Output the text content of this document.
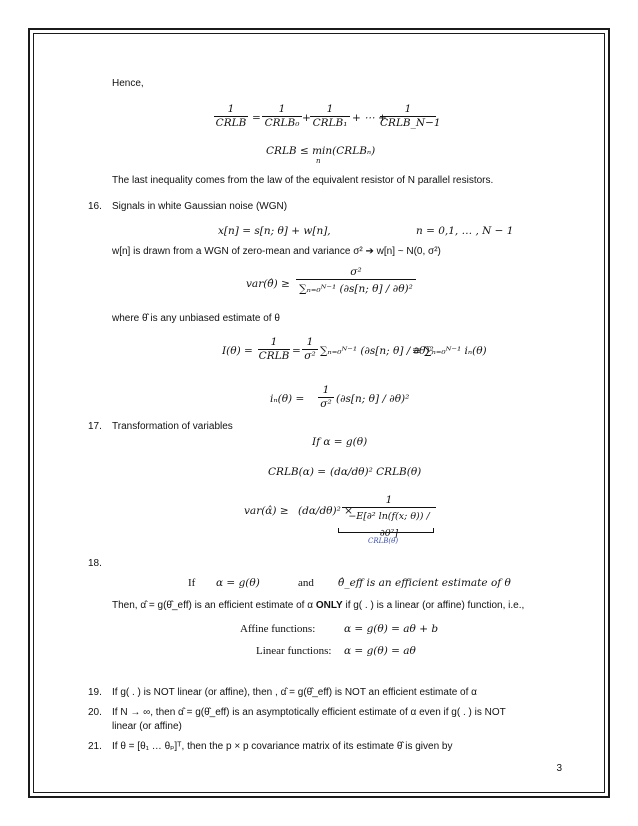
Hence,
1
CRLB =
1
CRLB₀ +
1
CRLB₁ + ⋯ +
1
CRLB_N−1
CRLB ≤ min(CRLBₙ)
n
The last inequality comes from the law of the equivalent resistor of N parallel resistors.
16. Signals in white Gaussian noise (WGN)
x[n] = s[n; θ] + w[n],	n = 0,1, … , N − 1
w[n] is drawn from a WGN of zero-mean and variance σ² ➔ w[n] ~ N(0, σ²)
var(θ̂) ≥
σ²
∑ₙ₌₀ᴺ⁻¹ (∂s[n; θ] / ∂θ)²
where θ̂ is any unbiased estimate of θ
I(θ) =
1
CRLB =
1
σ² ∑ₙ₌₀ᴺ⁻¹ (∂s[n; θ] / ∂θ)²
≡ ∑ₙ₌₀ᴺ⁻¹ iₙ(θ)
iₙ(θ) =
1
σ² (∂s[n; θ] / ∂θ)²
17. Transformation of variables
If α = g(θ)
CRLB(α) = (dα/dθ)² CRLB(θ)
var(α̂) ≥ (dα/dθ)² ×
1
−E[∂² ln(f(x; θ)) / ∂θ²]
CRLB(θ)
18.
If α = g(θ)	and θ̂_eff is an efficient estimate of θ
Then, α̂ = g(θ̂_eff) is an efficient estimate of α ONLY if g( . ) is a linear (or affine) function, i.e.,
Affine functions:	α = g(θ) = aθ + b
Linear functions: α = g(θ) = aθ
19. If g( . ) is NOT linear (or affine), then , α̂ = g(θ̂_eff) is NOT an efficient estimate of α
20. If N → ∞, then α̂ = g(θ̂_eff) is an asymptotically efficient estimate of α even if g( . ) is NOT
linear (or affine)
21. If θ = [θ₁ … θₚ]ᵀ, then the p × p covariance matrix of its estimate θ̂ is given by
3
